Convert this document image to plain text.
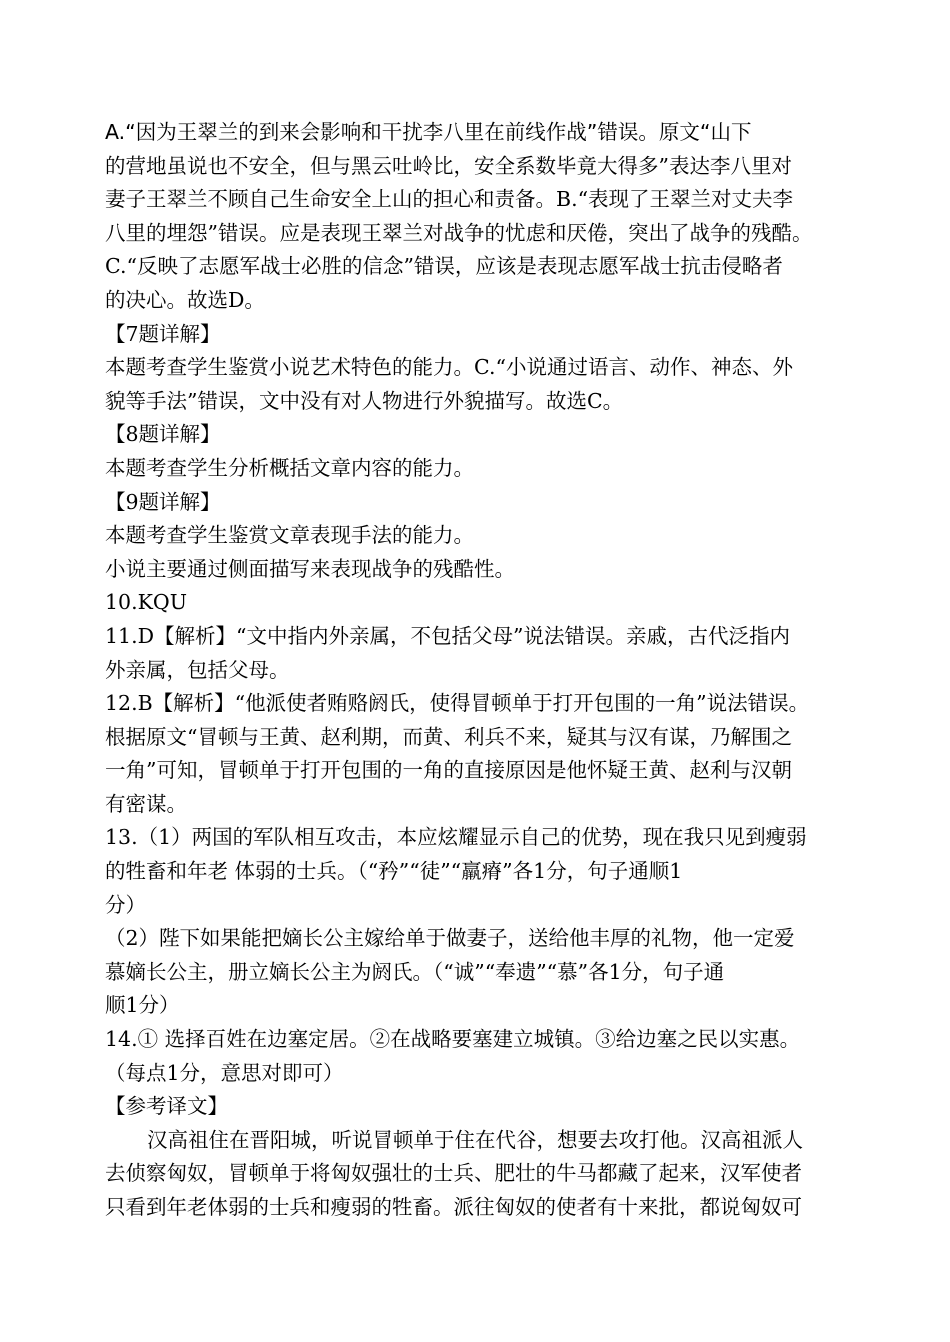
A.“因为王翠兰的到来会影响和干扰李八里在前线作战”错误。原文“山下
的营地虽说也不安全，但与黑云吐岭比，安全系数毕竟大得多”表达李八里对
妻子王翠兰不顾自己生命安全上山的担心和责备。B.“表现了王翠兰对丈夫李
八里的埋怨”错误。应是表现王翠兰对战争的忧虑和厌倦，突出了战争的残酷。
C.“反映了志愿军战士必胜的信念”错误，应该是表现志愿军战士抗击侵略者
的决心。故选D。
【7题详解】
本题考查学生鉴赏小说艺术特色的能力。C.“小说通过语言、动作、神态、外
貌等手法”错误，文中没有对人物进行外貌描写。故选C。
【8题详解】
本题考查学生分析概括文章内容的能力。
【9题详解】
本题考查学生鉴赏文章表现手法的能力。
小说主要通过侧面描写来表现战争的残酷性。
10.KQU
11.D【解析】“文中指内外亲属，不包括父母”说法错误。亲戚，古代泛指内
外亲属，包括父母。
12.B【解析】“他派使者贿赂阏氏，使得冒顿单于打开包围的一角”说法错误。
根据原文“冒顿与王黄、赵利期，而黄、利兵不来，疑其与汉有谋，乃解围之
一角”可知，冒顿单于打开包围的一角的直接原因是他怀疑王黄、赵利与汉朝
有密谋。
13.（1）两国的军队相互攻击，本应炫耀显示自己的优势，现在我只见到瘦弱
的牲畜和年老 体弱的士兵。（“矜”“徒”“羸瘠”各1分，句子通顺1
分）
（2）陛下如果能把嫡长公主嫁给单于做妻子，送给他丰厚的礼物，他一定爱
慕嫡长公主，册立嫡长公主为阏氏。（“诚”“奉遗”“慕”各1分，句子通
顺1分）
14.① 选择百姓在边塞定居。②在战略要塞建立城镇。③给边塞之民以实惠。
（每点1分，意思对即可）
【参考译文】
汉高祖住在晋阳城，听说冒顿单于住在代谷，想要去攻打他。汉高祖派人
去侦察匈奴，冒顿单于将匈奴强壮的士兵、肥壮的牛马都藏了起来，汉军使者
只看到年老体弱的士兵和瘦弱的牲畜。派往匈奴的使者有十来批，都说匈奴可
